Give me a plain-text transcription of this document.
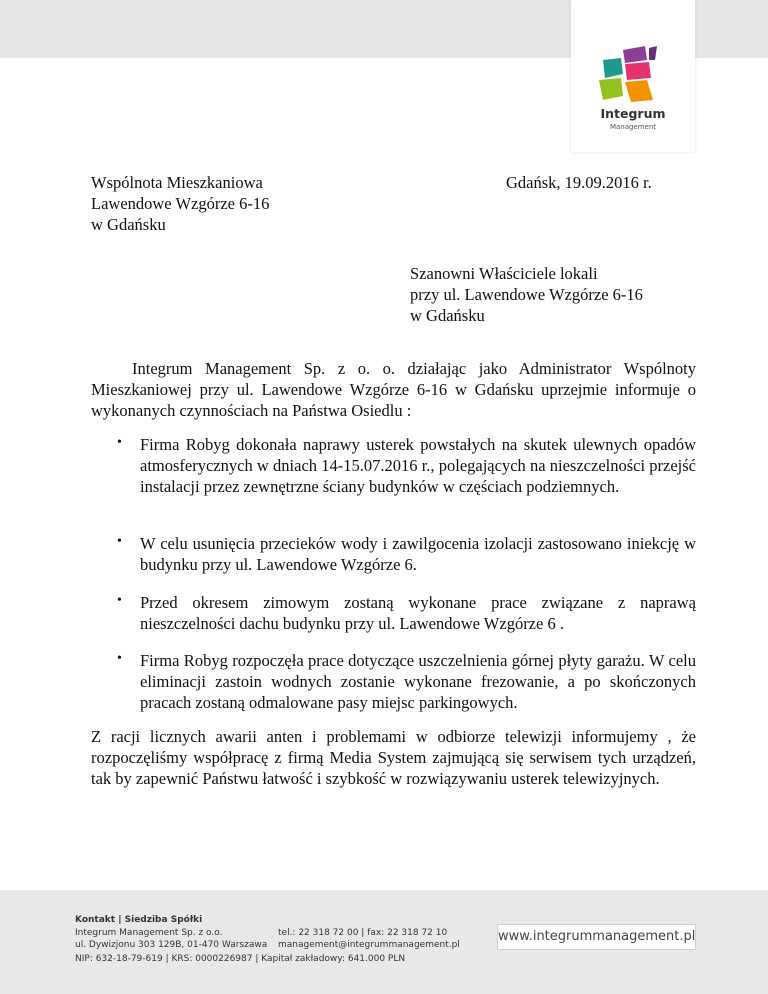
Integrum
Management
Wspólnota Mieszkaniowa
Lawendowe Wzgórze 6-16
w Gdańsku
Gdańsk, 19.09.2016 r.
Szanowni Właściciele lokali
przy ul. Lawendowe Wzgórze 6-16
w Gdańsku
Integrum Management Sp. z o. o. działając jako Administrator Wspólnoty Mieszkaniowej przy ul. Lawendowe Wzgórze 6-16 w Gdańsku uprzejmie informuje o wykonanych czynnościach na Państwa Osiedlu :
• Firma Robyg dokonała naprawy usterek powstałych na skutek ulewnych opadów atmosferycznych w dniach 14-15.07.2016 r., polegających na nieszczelności przejść instalacji przez zewnętrzne ściany budynków w częściach podziemnych.
• W celu usunięcia przecieków wody i zawilgocenia izolacji zastosowano iniekcję w budynku przy ul. Lawendowe Wzgórze 6.
• Przed okresem zimowym zostaną wykonane prace związane z naprawą nieszczelności dachu budynku przy ul. Lawendowe Wzgórze 6 .
• Firma Robyg rozpoczęła prace dotyczące uszczelnienia górnej płyty garażu. W celu eliminacji zastoin wodnych zostanie wykonane frezowanie, a po skończonych pracach zostaną odmalowane pasy miejsc parkingowych.
Z racji licznych awarii anten i problemami w odbiorze telewizji informujemy , że rozpoczęliśmy współpracę z firmą Media System zajmującą się serwisem tych urządzeń, tak by zapewnić Państwu łatwość i szybkość w rozwiązywaniu usterek telewizyjnych.
Kontakt | Siedziba Spółki
Integrum Management Sp. z o.o.
ul. Dywizjonu 303 129B, 01-470 Warszawa
tel.: 22 318 72 00 | fax: 22 318 72 10
management@integrummanagement.pl
NIP: 632-18-79-619 | KRS: 0000226987 | Kapitał zakładowy: 641.000 PLN
www.integrummanagement.pl
